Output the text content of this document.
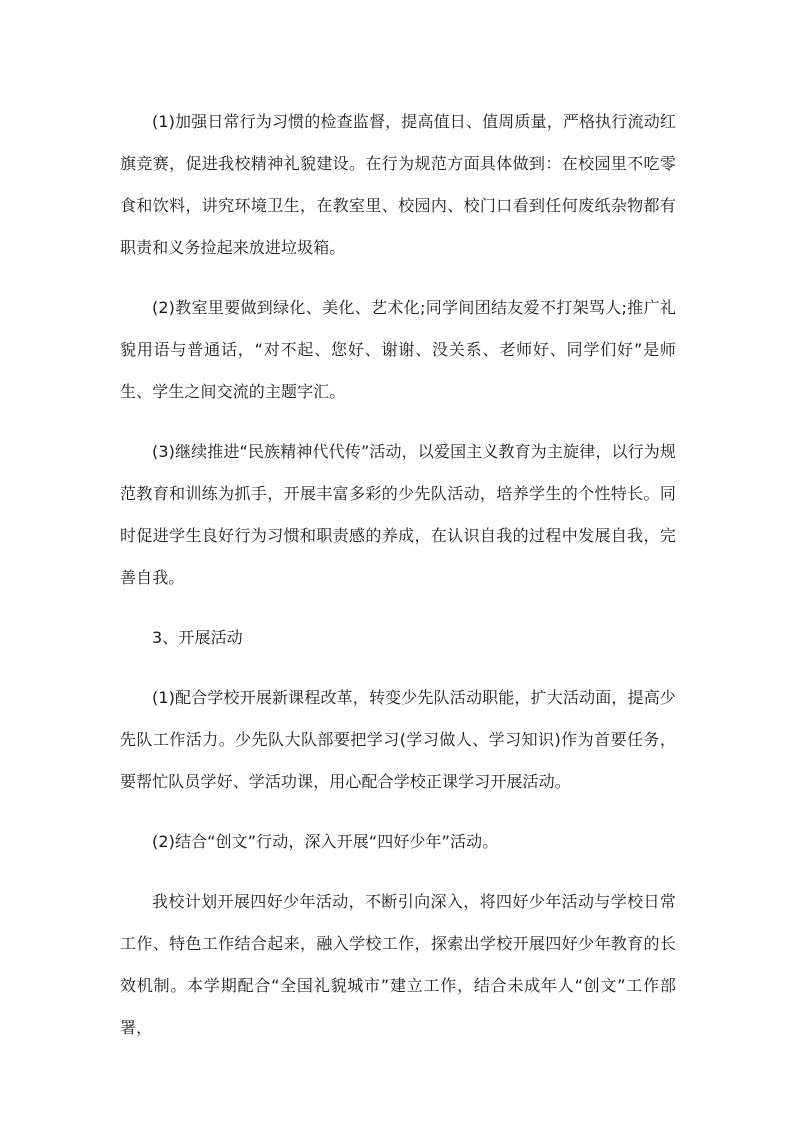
(1)加强日常行为习惯的检查监督，提高值日、值周质量，严格执行流动红旗竞赛，促进我校精神礼貌建设。在行为规范方面具体做到：在校园里不吃零食和饮料，讲究环境卫生，在教室里、校园内、校门口看到任何废纸杂物都有职责和义务捡起来放进垃圾箱。

(2)教室里要做到绿化、美化、艺术化;同学间团结友爱不打架骂人;推广礼貌用语与普通话，“对不起、您好、谢谢、没关系、老师好、同学们好”是师生、学生之间交流的主题字汇。

(3)继续推进“民族精神代代传”活动，以爱国主义教育为主旋律，以行为规范教育和训练为抓手，开展丰富多彩的少先队活动，培养学生的个性特长。同时促进学生良好行为习惯和职责感的养成，在认识自我的过程中发展自我，完善自我。

3、开展活动

(1)配合学校开展新课程改革，转变少先队活动职能，扩大活动面，提高少先队工作活力。少先队大队部要把学习(学习做人、学习知识)作为首要任务，要帮忙队员学好、学活功课，用心配合学校正课学习开展活动。

(2)结合“创文”行动，深入开展“四好少年”活动。

我校计划开展四好少年活动，不断引向深入，将四好少年活动与学校日常工作、特色工作结合起来，融入学校工作，探索出学校开展四好少年教育的长效机制。本学期配合“全国礼貌城市”建立工作，结合未成年人“创文”工作部署，
